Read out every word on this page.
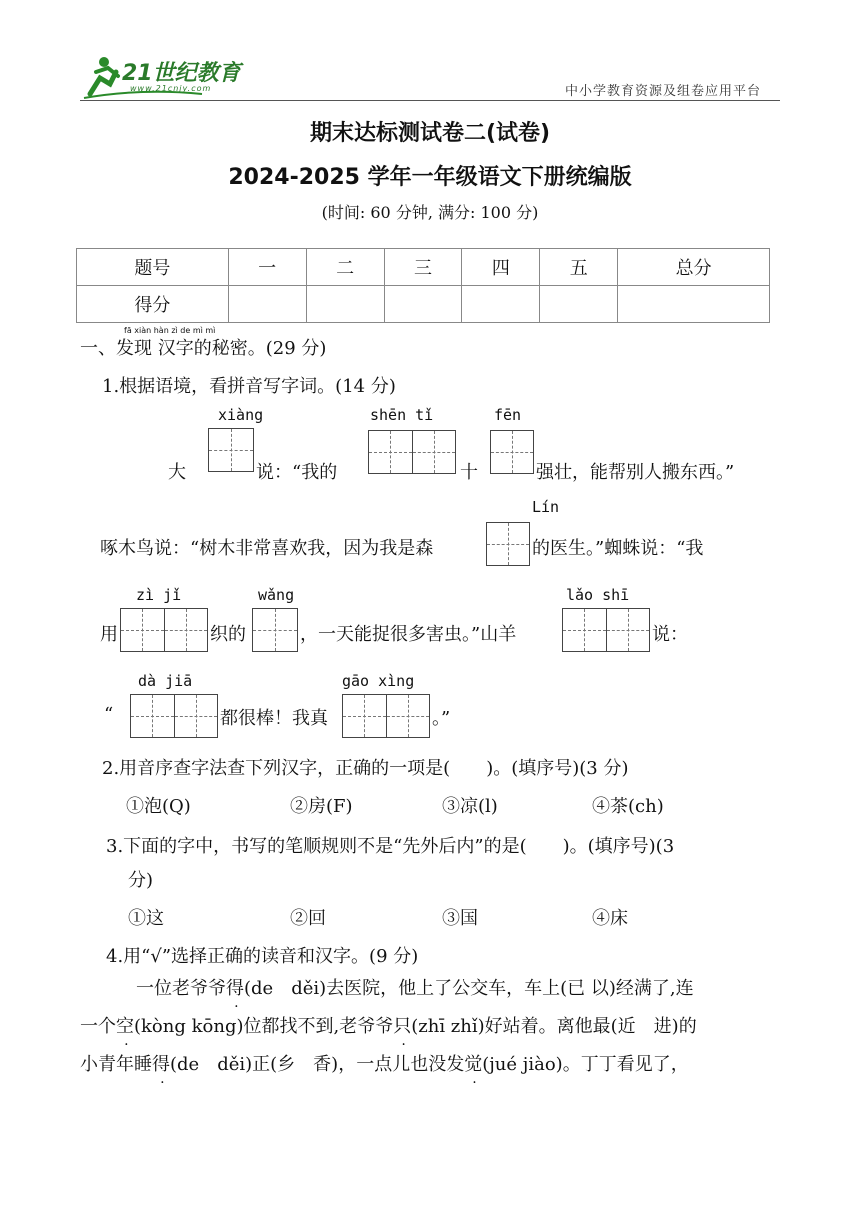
21世纪教育
www.21cnjy.com	中小学教育资源及组卷应用平台
期末达标测试卷二(试卷)
2024-2025 学年一年级语文下册统编版
(时间: 60 分钟, 满分: 100 分)
题号	一	二	三	四	五	总分
得分						
fā xiàn hàn zì de mì mì
一、发现 汉字的秘密。(29 分)
1.根据语境，看拼音写字词。(14 分)
xiàng	shēn tǐ	fēn
大	说：“我的	十	强壮，能帮别人搬东西。”
Lín
啄木鸟说：“树木非常喜欢我，因为我是森	的医生。”蜘蛛说：“我
zì jǐ	wǎng	lǎo shī
用	织的	，一天能捉很多害虫。”山羊	说：
dà jiā	gāo xìng
“	都很棒！我真	。”
2.用音序查字法查下列汉字，正确的一项是(　　)。(填序号)(3 分)
①泡(Q)	②房(F)	③凉(l)	④茶(ch)
3.下面的字中，书写的笔顺规则不是“先外后内”的是(　　)。(填序号)(3
分)
①这	②回	③国	④床
4.用“√”选择正确的读音和汉字。(9 分)
一位老爷爷得(de　děi)去医院，他上了公交车，车上(已 以)经满了,连
一个空(kòng kōng)位都找不到,老爷爷只(zhī zhǐ)好站着。离他最(近　进)的
小青年睡得(de　děi)正(乡　香)，一点儿也没发觉(jué jiào)。丁丁看见了，
